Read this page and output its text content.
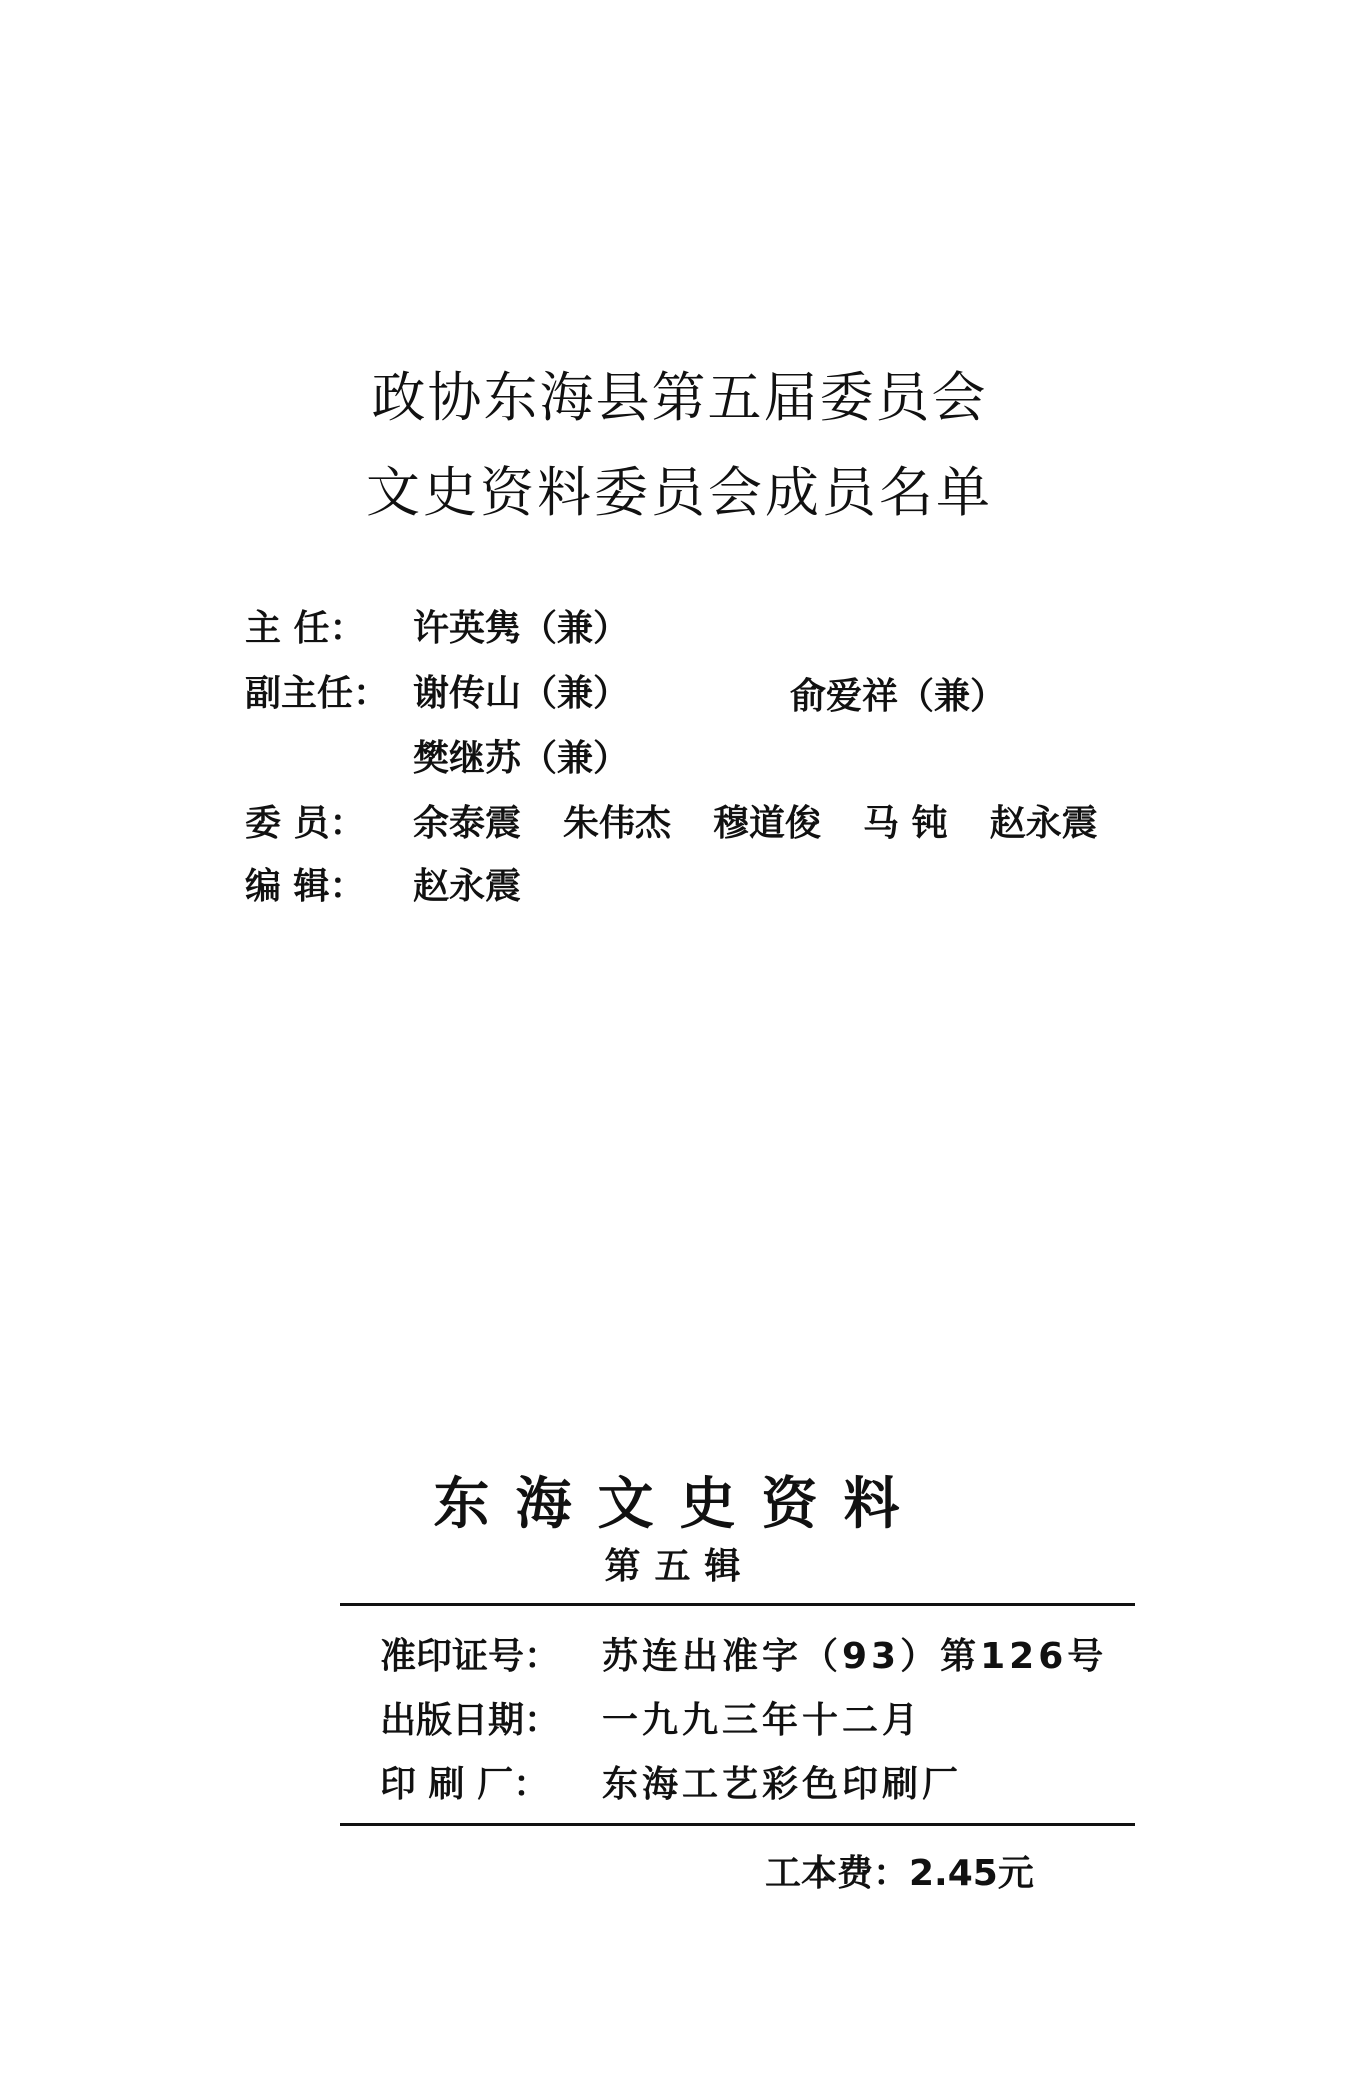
政协东海县第五届委员会
文史资料委员会成员名单
主 任： 许英隽（兼）
副主任： 谢传山（兼）	俞爱祥（兼）
樊继苏（兼）
委 员： 余泰震 朱伟杰 穆道俊 马 钝 赵永震
编 辑： 赵永震
东海文史资料
第五辑
准印证号： 苏连出准字（93）第126号
出版日期： 一九九三年十二月
印 刷 厂： 东海工艺彩色印刷厂
工本费：2.45元
